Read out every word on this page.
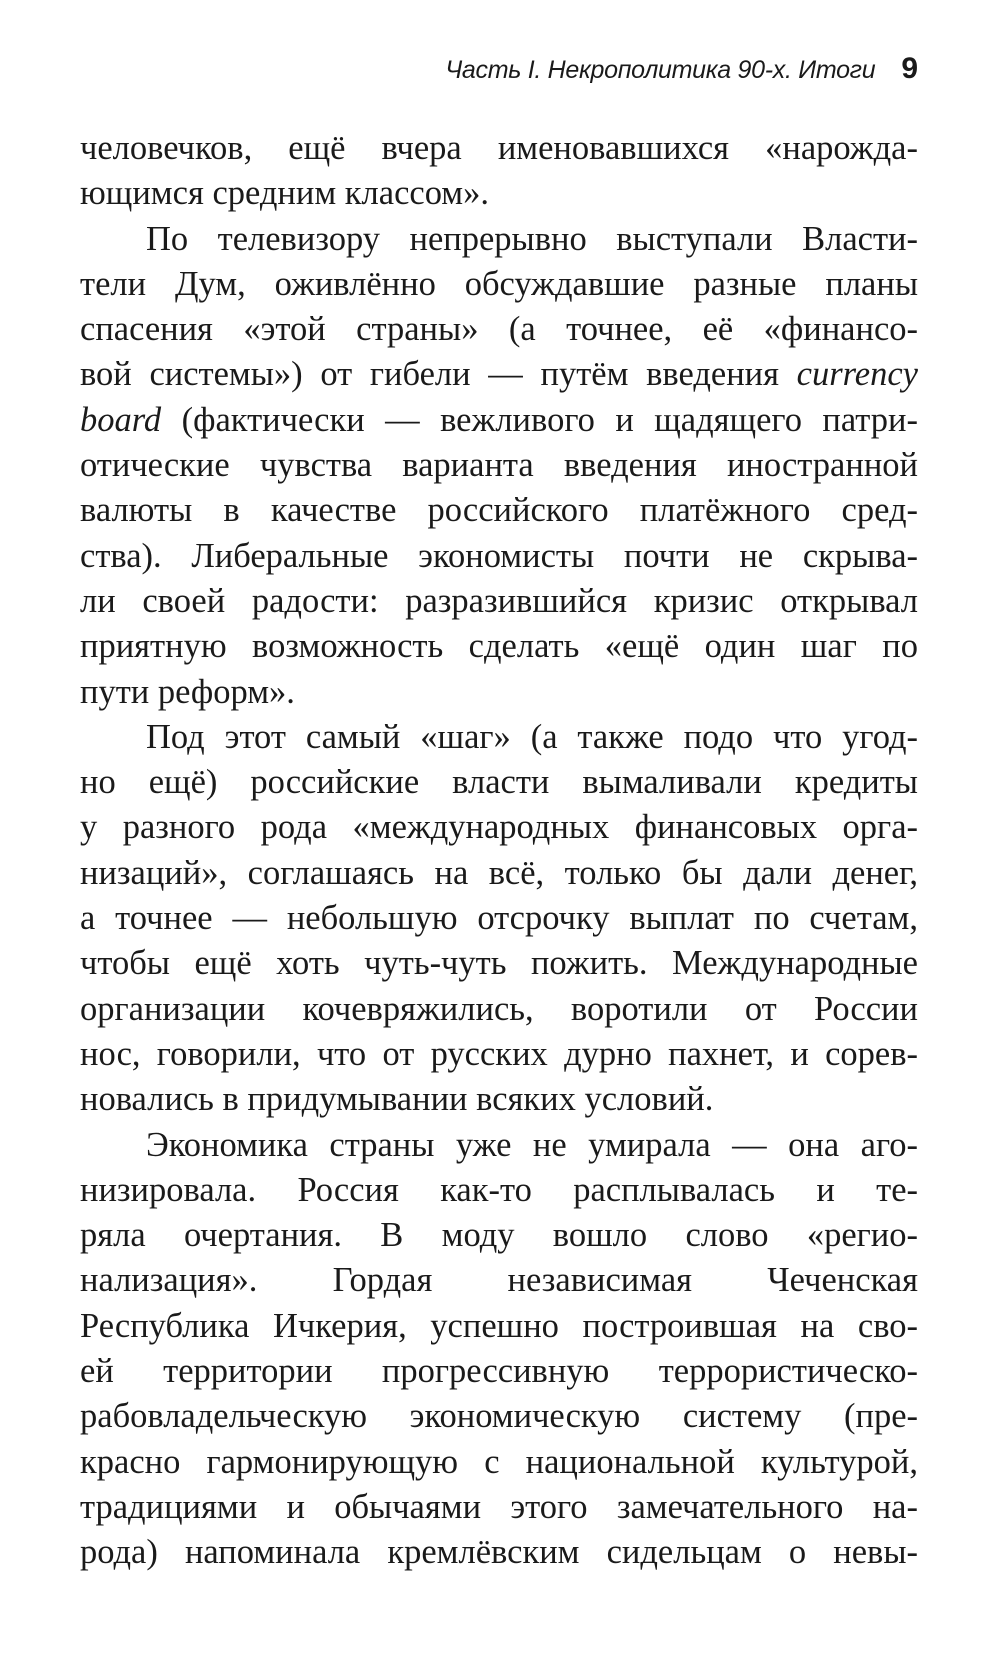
Часть I. Некрополитика 90-х. Итоги 9
человечков, ещё вчера именовавшихся «нарожда-
ющимся средним классом».
По телевизору непрерывно выступали Власти-
тели Дум, оживлённо обсуждавшие разные планы
спасения «этой страны» (а точнее, её «финансо-
вой системы») от гибели — путём введения currency
board (фактически — вежливого и щадящего патри-
отические чувства варианта введения иностранной
валюты в качестве российского платёжного сред-
ства). Либеральные экономисты почти не скрыва-
ли своей радости: разразившийся кризис открывал
приятную возможность сделать «ещё один шаг по
пути реформ».
Под этот самый «шаг» (а также подо что угод-
но ещё) российские власти вымаливали кредиты
у разного рода «международных финансовых орга-
низаций», соглашаясь на всё, только бы дали денег,
а точнее — небольшую отсрочку выплат по счетам,
чтобы ещё хоть чуть-чуть пожить. Международные
организации кочевряжились, воротили от России
нос, говорили, что от русских дурно пахнет, и сорев-
новались в придумывании всяких условий.
Экономика страны уже не умирала — она аго-
низировала. Россия как-то расплывалась и те-
ряла очертания. В моду вошло слово «регио-
нализация». Гордая независимая Чеченская
Республика Ичкерия, успешно построившая на сво-
ей территории прогрессивную террористическо-
рабовладельческую экономическую систему (пре-
красно гармонирующую с национальной культурой,
традициями и обычаями этого замечательного на-
рода) напоминала кремлёвским сидельцам о невы-
